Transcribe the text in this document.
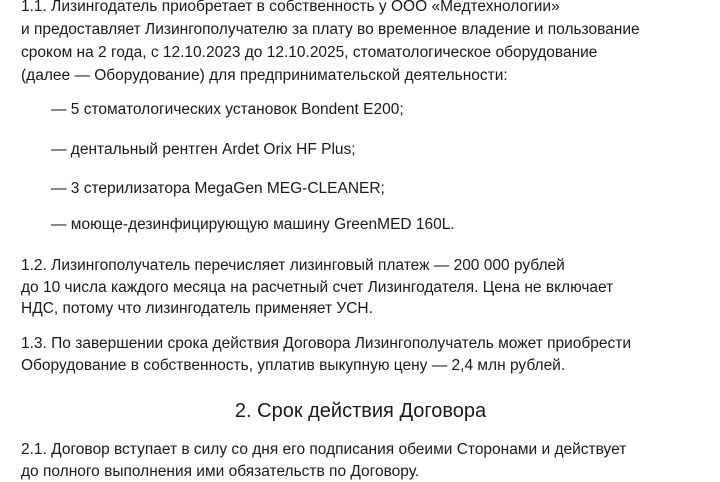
1.1. Лизингодатель приобретает в собственность у ООО «Медтехнологии»
и предоставляет Лизингополучателю за плату во временное владение и пользование
сроком на 2 года, с 12.10.2023 до 12.10.2025, стоматологическое оборудование
(далее — Оборудование) для предпринимательской деятельности:
— 5 стоматологических установок Bondent E200;
— дентальный рентген Ardet Orix HF Plus;
— 3 стерилизатора MegaGen MEG-CLEANER;
— моюще-дезинфицирующую машину GreenMED 160L.
1.2. Лизингополучатель перечисляет лизинговый платеж — 200 000 рублей
до 10 числа каждого месяца на расчетный счет Лизингодателя. Цена не включает
НДС, потому что лизингодатель применяет УСН.
1.3. По завершении срока действия Договора Лизингополучатель может приобрести
Оборудование в собственность, уплатив выкупную цену — 2,4 млн рублей.
2. Срок действия Договора
2.1. Договор вступает в силу со дня его подписания обеими Сторонами и действует
до полного выполнения ими обязательств по Договору.
